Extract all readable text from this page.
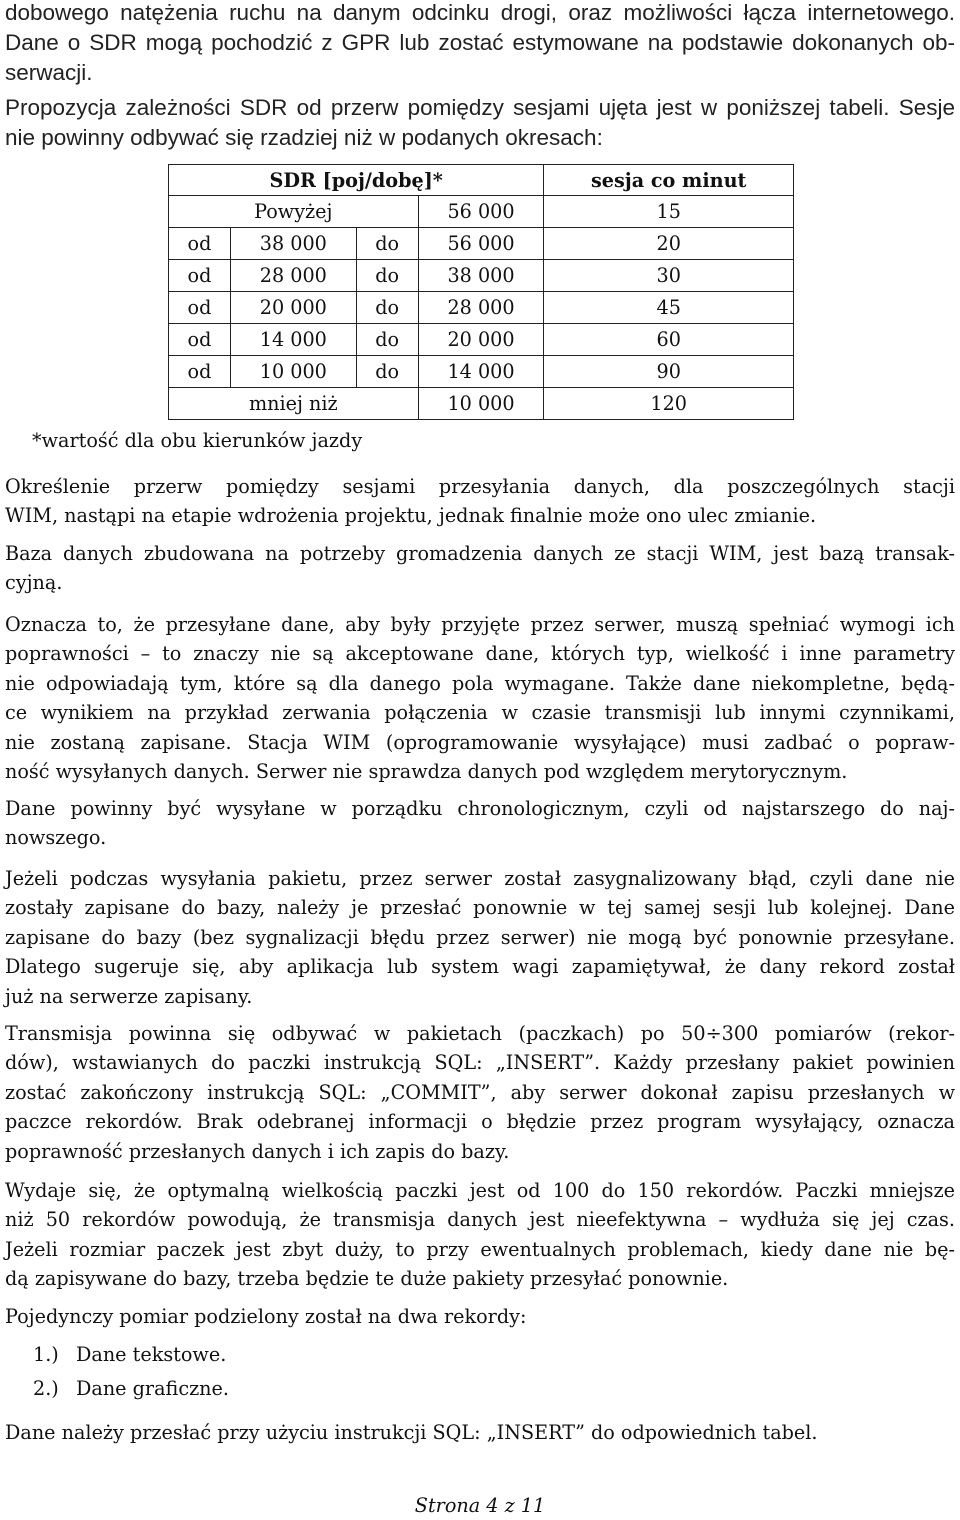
dobowego natężenia ruchu na danym odcinku drogi, oraz możliwości łącza internetowego.
Dane o SDR mogą pochodzić z GPR lub zostać estymowane na podstawie dokonanych ob-
serwacji.
Propozycja zależności SDR od przerw pomiędzy sesjami ujęta jest w poniższej tabeli. Sesje
nie powinny odbywać się rzadziej niż w podanych okresach:
SDR [poj/dobę]*				sesja co minut
Powyżej			56 000	15
od	38 000	do	56 000	20
od	28 000	do	38 000	30
od	20 000	do	28 000	45
od	14 000	do	20 000	60
od	10 000	do	14 000	90
mniej niż			10 000	120
*wartość dla obu kierunków jazdy
Określenie przerw pomiędzy sesjami przesyłania danych, dla poszczególnych stacji
WIM, nastąpi na etapie wdrożenia projektu, jednak finalnie może ono ulec zmianie.
Baza danych zbudowana na potrzeby gromadzenia danych ze stacji WIM, jest bazą transak-
cyjną.
Oznacza to, że przesyłane dane, aby były przyjęte przez serwer, muszą spełniać wymogi ich
poprawności – to znaczy nie są akceptowane dane, których typ, wielkość i inne parametry
nie odpowiadają tym, które są dla danego pola wymagane. Także dane niekompletne, będą-
ce wynikiem na przykład zerwania połączenia w czasie transmisji lub innymi czynnikami,
nie zostaną zapisane. Stacja WIM (oprogramowanie wysyłające) musi zadbać o popraw-
ność wysyłanych danych. Serwer nie sprawdza danych pod względem merytorycznym.
Dane powinny być wysyłane w porządku chronologicznym, czyli od najstarszego do naj-
nowszego.
Jeżeli podczas wysyłania pakietu, przez serwer został zasygnalizowany błąd, czyli dane nie
zostały zapisane do bazy, należy je przesłać ponownie w tej samej sesji lub kolejnej. Dane
zapisane do bazy (bez sygnalizacji błędu przez serwer) nie mogą być ponownie przesyłane.
Dlatego sugeruje się, aby aplikacja lub system wagi zapamiętywał, że dany rekord został
już na serwerze zapisany.
Transmisja powinna się odbywać w pakietach (paczkach) po 50÷300 pomiarów (rekor-
dów), wstawianych do paczki instrukcją SQL: „INSERT”. Każdy przesłany pakiet powinien
zostać zakończony instrukcją SQL: „COMMIT”, aby serwer dokonał zapisu przesłanych w
paczce rekordów. Brak odebranej informacji o błędzie przez program wysyłający, oznacza
poprawność przesłanych danych i ich zapis do bazy.
Wydaje się, że optymalną wielkością paczki jest od 100 do 150 rekordów. Paczki mniejsze
niż 50 rekordów powodują, że transmisja danych jest nieefektywna – wydłuża się jej czas.
Jeżeli rozmiar paczek jest zbyt duży, to przy ewentualnych problemach, kiedy dane nie bę-
dą zapisywane do bazy, trzeba będzie te duże pakiety przesyłać ponownie.
Pojedynczy pomiar podzielony został na dwa rekordy:
1.) Dane tekstowe.
2.) Dane graficzne.
Dane należy przesłać przy użyciu instrukcji SQL: „INSERT” do odpowiednich tabel.
Strona 4 z 11
